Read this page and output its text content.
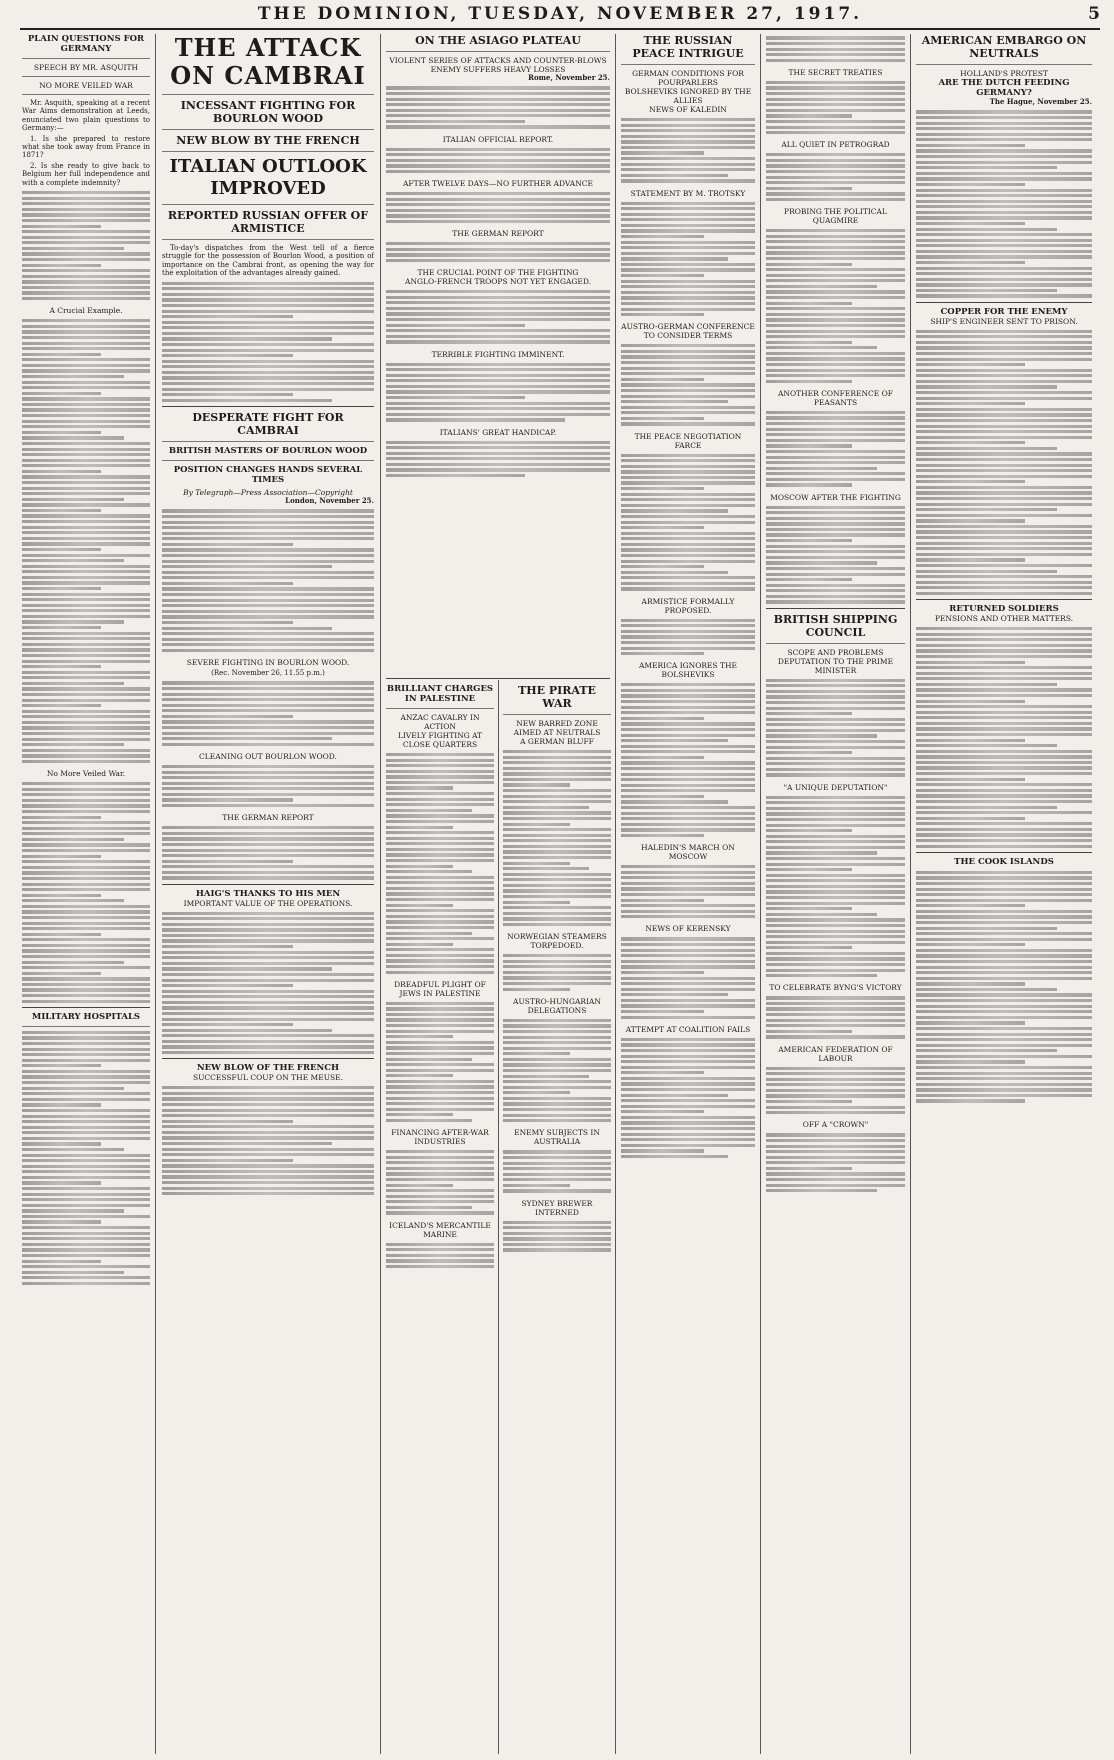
THE DOMINION, TUESDAY, NOVEMBER 27, 1917.	5
PLAIN QUESTIONS FOR GERMANY
SPEECH BY MR. ASQUITH
NO MORE VEILED WAR

Mr. Asquith, speaking at a recent War Aims demonstration at Leeds, enunciated two plain questions to Germany:—

1. Is she prepared to restore what she took away from France in 1871?

2. Is she ready to give back to Belgium her full independence and with a complete indemnity?

A Crucial Example.
No More Veiled War.
MILITARY HOSPITALS
THE ATTACK ON CAMBRAI
INCESSANT FIGHTING FOR BOURLON WOOD
NEW BLOW BY THE FRENCH
ITALIAN OUTLOOK IMPROVED
REPORTED RUSSIAN OFFER OF ARMISTICE

To-day's dispatches from the West tell of a fierce struggle for the possession of Bourlon Wood, a position of importance on the Cambrai front, as opening the way for the exploitation of the advantages already gained.

DESPERATE FIGHT FOR CAMBRAI
BRITISH MASTERS OF BOURLON WOOD
POSITION CHANGES HANDS SEVERAL TIMES
By Telegraph—Press Association—Copyright
London, November 25.
SEVERE FIGHTING IN BOURLON WOOD.
(Rec. November 26, 11.55 p.m.)
CLEANING OUT BOURLON WOOD.
THE GERMAN REPORT
HAIG'S THANKS TO HIS MEN
IMPORTANT VALUE OF THE OPERATIONS.
NEW BLOW OF THE FRENCH
SUCCESSFUL COUP ON THE MEUSE.
ON THE ASIAGO PLATEAU
VIOLENT SERIES OF ATTACKS AND COUNTER-BLOWS
ENEMY SUFFERS HEAVY LOSSES
Rome, November 25.
ITALIAN OFFICIAL REPORT.
AFTER TWELVE DAYS—NO FURTHER ADVANCE
THE GERMAN REPORT
THE CRUCIAL POINT OF THE FIGHTING
ANGLO-FRENCH TROOPS NOT YET ENGAGED.
TERRIBLE FIGHTING IMMINENT.
ITALIANS' GREAT HANDICAP.
BRILLIANT CHARGES IN PALESTINE
ANZAC CAVALRY IN ACTION
LIVELY FIGHTING AT CLOSE QUARTERS
DREADFUL PLIGHT OF JEWS IN PALESTINE
FINANCING AFTER-WAR INDUSTRIES
ICELAND'S MERCANTILE MARINE
THE PIRATE WAR
NEW BARRED ZONE AIMED AT NEUTRALS
A GERMAN BLUFF
NORWEGIAN STEAMERS TORPEDOED.
AUSTRO-HUNGARIAN DELEGATIONS
ENEMY SUBJECTS IN AUSTRALIA
SYDNEY BREWER INTERNED
THE RUSSIAN PEACE INTRIGUE
GERMAN CONDITIONS FOR POURPARLERS
BOLSHEVIKS IGNORED BY THE ALLIES
NEWS OF KALEDIN
STATEMENT BY M. TROTSKY
AUSTRO-GERMAN CONFERENCE TO CONSIDER TERMS
THE PEACE NEGOTIATION FARCE
ARMISTICE FORMALLY PROPOSED.
AMERICA IGNORES THE BOLSHEVIKS
HALEDIN'S MARCH ON MOSCOW
NEWS OF KERENSKY
ATTEMPT AT COALITION FAILS
THE SECRET TREATIES
ALL QUIET IN PETROGRAD
PROBING THE POLITICAL QUAGMIRE
ANOTHER CONFERENCE OF PEASANTS
MOSCOW AFTER THE FIGHTING
BRITISH SHIPPING COUNCIL
SCOPE AND PROBLEMS
DEPUTATION TO THE PRIME MINISTER
"A UNIQUE DEPUTATION"
TO CELEBRATE BYNG'S VICTORY
AMERICAN FEDERATION OF LABOUR
OFF A "CROWN"
AMERICAN EMBARGO ON NEUTRALS
HOLLAND'S PROTEST
ARE THE DUTCH FEEDING GERMANY?
The Hague, November 25.
COPPER FOR THE ENEMY
SHIP'S ENGINEER SENT TO PRISON.
RETURNED SOLDIERS
PENSIONS AND OTHER MATTERS.
THE COOK ISLANDS
